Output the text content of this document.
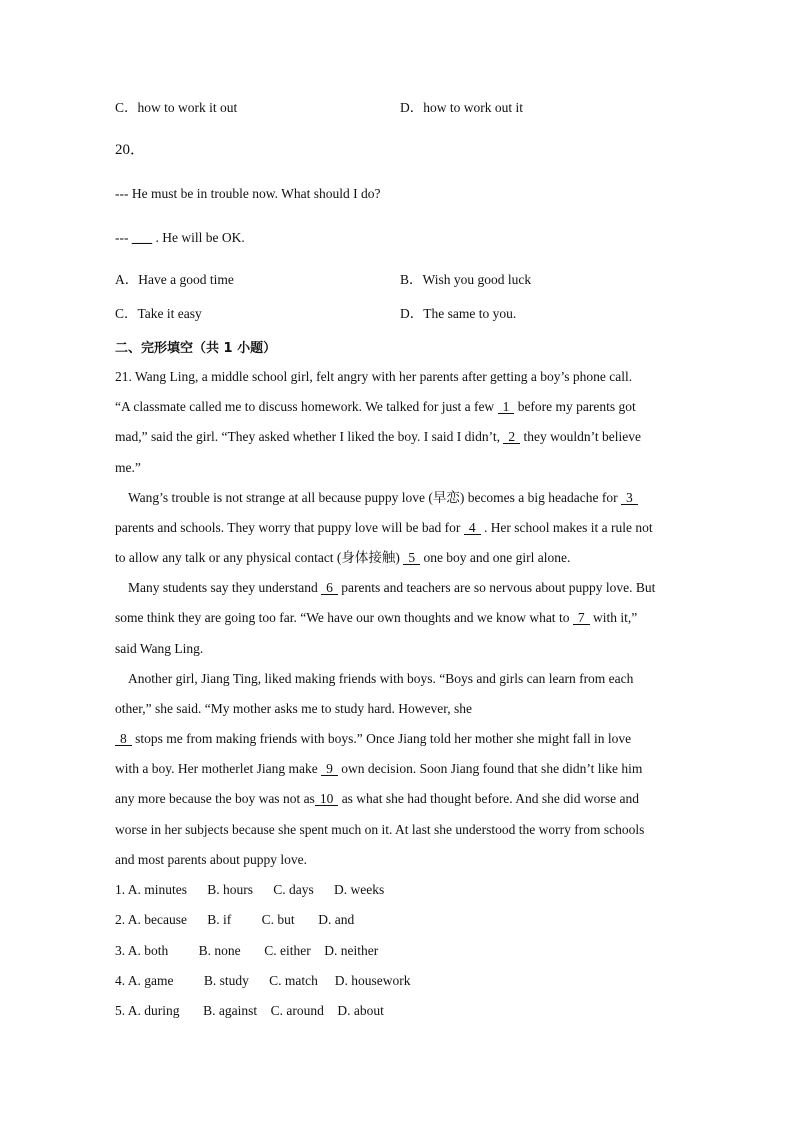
C．how to work it out	D．how to work out it
20．
--- He must be in trouble now. What should I do?
--- ___ . He will be OK.
A．Have a good time	B．Wish you good luck
C．Take it easy	D．The same to you.
二、完形填空（共 1 小题）
21. Wang Ling, a middle school girl, felt angry with her parents after getting a boy’s phone call.
“A classmate called me to discuss homework. We talked for just a few 1 before my parents got
mad,” said the girl. “They asked whether I liked the boy. I said I didn’t, 2 they wouldn’t believe
me.”
Wang’s trouble is not strange at all because puppy love (早恋) becomes a big headache for 3
parents and schools. They worry that puppy love will be bad for 4 . Her school makes it a rule not
to allow any talk or any physical contact (身体接触) 5 one boy and one girl alone.
Many students say they understand 6 parents and teachers are so nervous about puppy love. But
some think they are going too far. “We have our own thoughts and we know what to 7 with it,”
said Wang Ling.
Another girl, Jiang Ting, liked making friends with boys. “Boys and girls can learn from each
other,” she said. “My mother asks me to study hard. However, she
8 stops me from making friends with boys.” Once Jiang told her mother she might fall in love
with a boy. Her motherlet Jiang make 9 own decision. Soon Jiang found that she didn’t like him
any more because the boy was not as 10 as what she had thought before. And she did worse and
worse in her subjects because she spent much on it. At last she understood the worry from schools
and most parents about puppy love.
1. A. minutes      B. hours      C. days      D. weeks
2. A. because      B. if         C. but       D. and
3. A. both         B. none       C. either    D. neither
4. A. game         B. study      C. match     D. housework
5. A. during       B. against    C. around    D. about
